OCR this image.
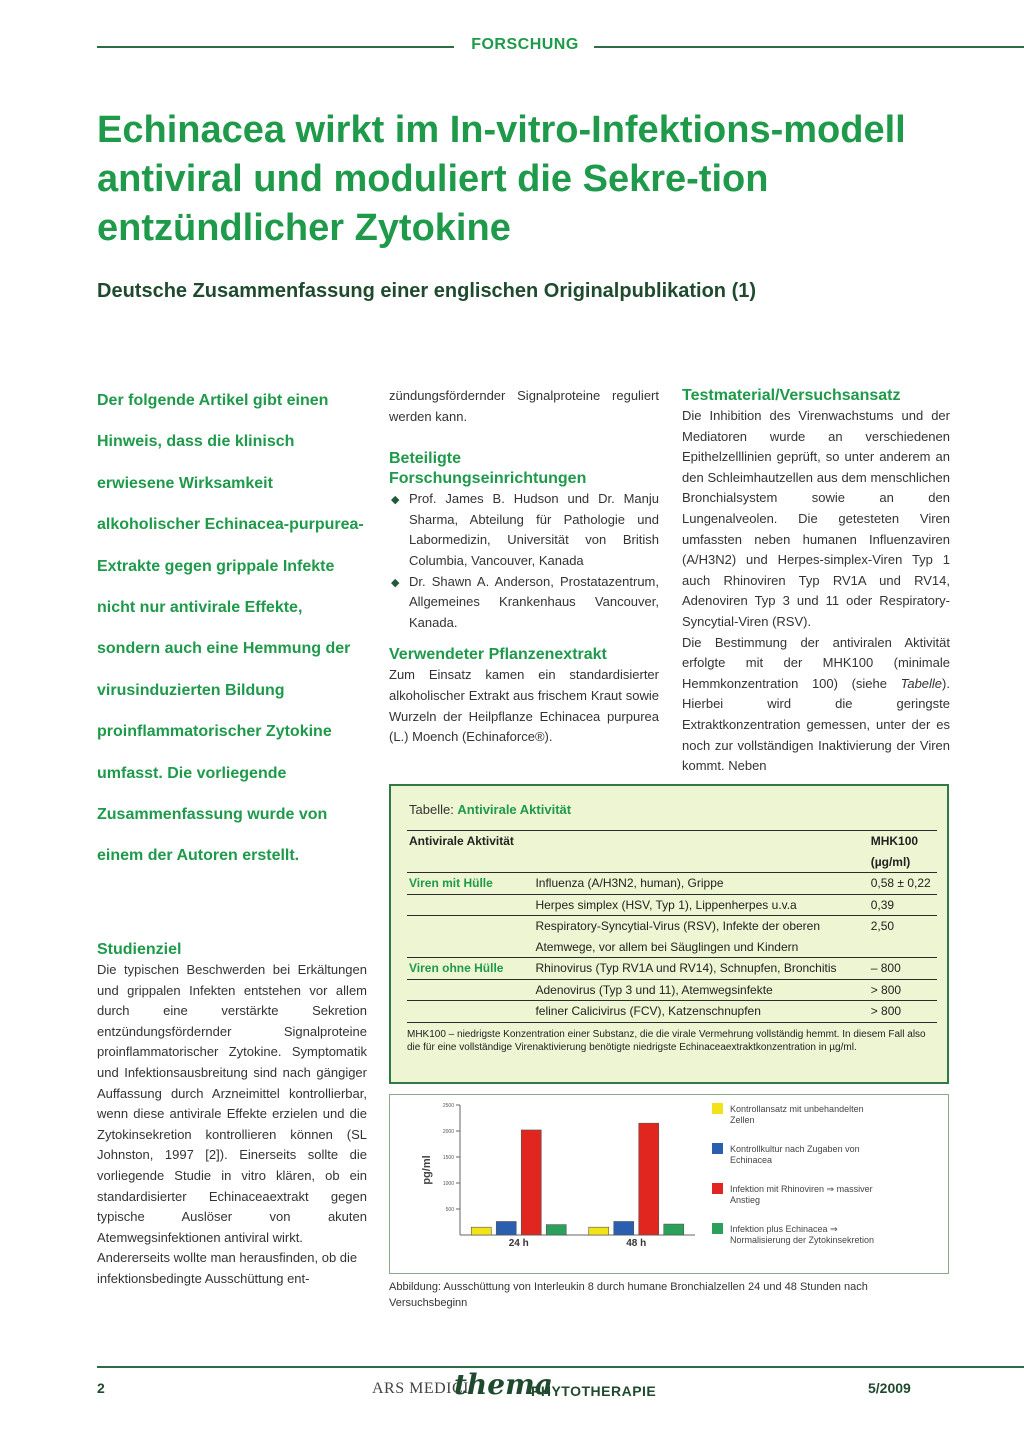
FORSCHUNG
Echinacea wirkt im In-vitro-Infektions-modell antiviral und moduliert die Sekre-tion entzündlicher Zytokine
Deutsche Zusammenfassung einer englischen Originalpublikation (1)

Der folgende Artikel gibt einen Hinweis, dass die klinisch erwiesene Wirksamkeit alkoholischer Echinacea-purpurea-Extrakte gegen grippale Infekte nicht nur antivirale Effekte, sondern auch eine Hemmung der virusinduzierten Bildung proinflammatorischer Zytokine umfasst. Die vorliegende Zusammenfassung wurde von einem der Autoren erstellt.

Studienziel

Die typischen Beschwerden bei Erkältungen und grippalen Infekten entstehen vor allem durch eine verstärkte Sekretion entzündungsfördernder Signalproteine proinflammatorischer Zytokine. Symptomatik und Infektionsausbreitung sind nach gängiger Auffassung durch Arzneimittel kontrollierbar, wenn diese antivirale Effekte erzielen und die Zytokinsekretion kontrollieren können (SL Johnston, 1997 [2]). Einerseits sollte die vorliegende Studie in vitro klären, ob ein standardisierter Echinaceaextrakt gegen typische Auslöser von akuten Atemwegsinfektionen antiviral wirkt.

Andererseits wollte man herausfinden, ob die infektionsbedingte Ausschüttung ent-

zündungsfördernder Signalproteine reguliert werden kann.

Beteiligte Forschungseinrichtungen
◆ Prof. James B. Hudson und Dr. Manju Sharma, Abteilung für Pathologie und Labormedizin, Universität von British Columbia, Vancouver, Kanada
◆ Dr. Shawn A. Anderson, Prostatazentrum, Allgemeines Krankenhaus Vancouver, Kanada.
Verwendeter Pflanzenextrakt

Zum Einsatz kamen ein standardisierter alkoholischer Extrakt aus frischem Kraut sowie Wurzeln der Heilpflanze Echinacea purpurea (L.) Moench (Echinaforce®).

Testmaterial/Versuchsansatz

Die Inhibition des Virenwachstums und der Mediatoren wurde an verschiedenen Epithelzelllinien geprüft, so unter anderem an den Schleimhautzellen aus dem menschlichen Bronchialsystem sowie an den Lungenalveolen. Die getesteten Viren umfassten neben humanen Influenzaviren (A/H3N2) und Herpes-simplex-Viren Typ 1 auch Rhinoviren Typ RV1A und RV14, Adenoviren Typ 3 und 11 oder Respiratory-Syncytial-Viren (RSV).

Die Bestimmung der antiviralen Aktivität erfolgte mit der MHK100 (minimale Hemmkonzentration 100) (siehe Tabelle). Hierbei wird die geringste Extraktkonzentration gemessen, unter der es noch zur vollständigen Inaktivierung der Viren kommt. Neben

Tabelle: Antivirale Aktivität
Antivirale Aktivität		MHK100
		(µg/ml)
Viren mit Hülle	Influenza (A/H3N2, human), Grippe	0,58 ± 0,22
	Herpes simplex (HSV, Typ 1), Lippenherpes u.v.a	0,39
	Respiratory-Syncytial-Virus (RSV), Infekte der oberen Atemwege, vor allem bei Säuglingen und Kindern	2,50
Viren ohne Hülle	Rhinovirus (Typ RV1A und RV14), Schnupfen, Bronchitis	– 800
	Adenovirus (Typ 3 und 11), Atemwegsinfekte	> 800
	feliner Calicivirus (FCV), Katzenschnupfen	> 800
MHK100 – niedrigste Konzentration einer Substanz, die die virale Vermehrung vollständig hemmt. In diesem Fall also die für eine vollständige Virenaktivierung benötigte niedrigste Echinaceaextraktkonzentration in µg/ml.
2500
2000
1500
1000
500
pg/ml
24 h	48 h
Kontrollansatz mit unbehandelten Zellen
Kontrollkultur nach Zugaben von Echinacea
Infektion mit Rhinoviren ⇒ massiver Anstieg
Infektion plus Echinacea ⇒ Normalisierung der Zytokinsekretion
Abbildung: Ausschüttung von Interleukin 8 durch humane Bronchialzellen 24 und 48 Stunden nach Versuchsbeginn
2	ARS MEDICI
thema
PHYTOTHERAPIE	5/2009
